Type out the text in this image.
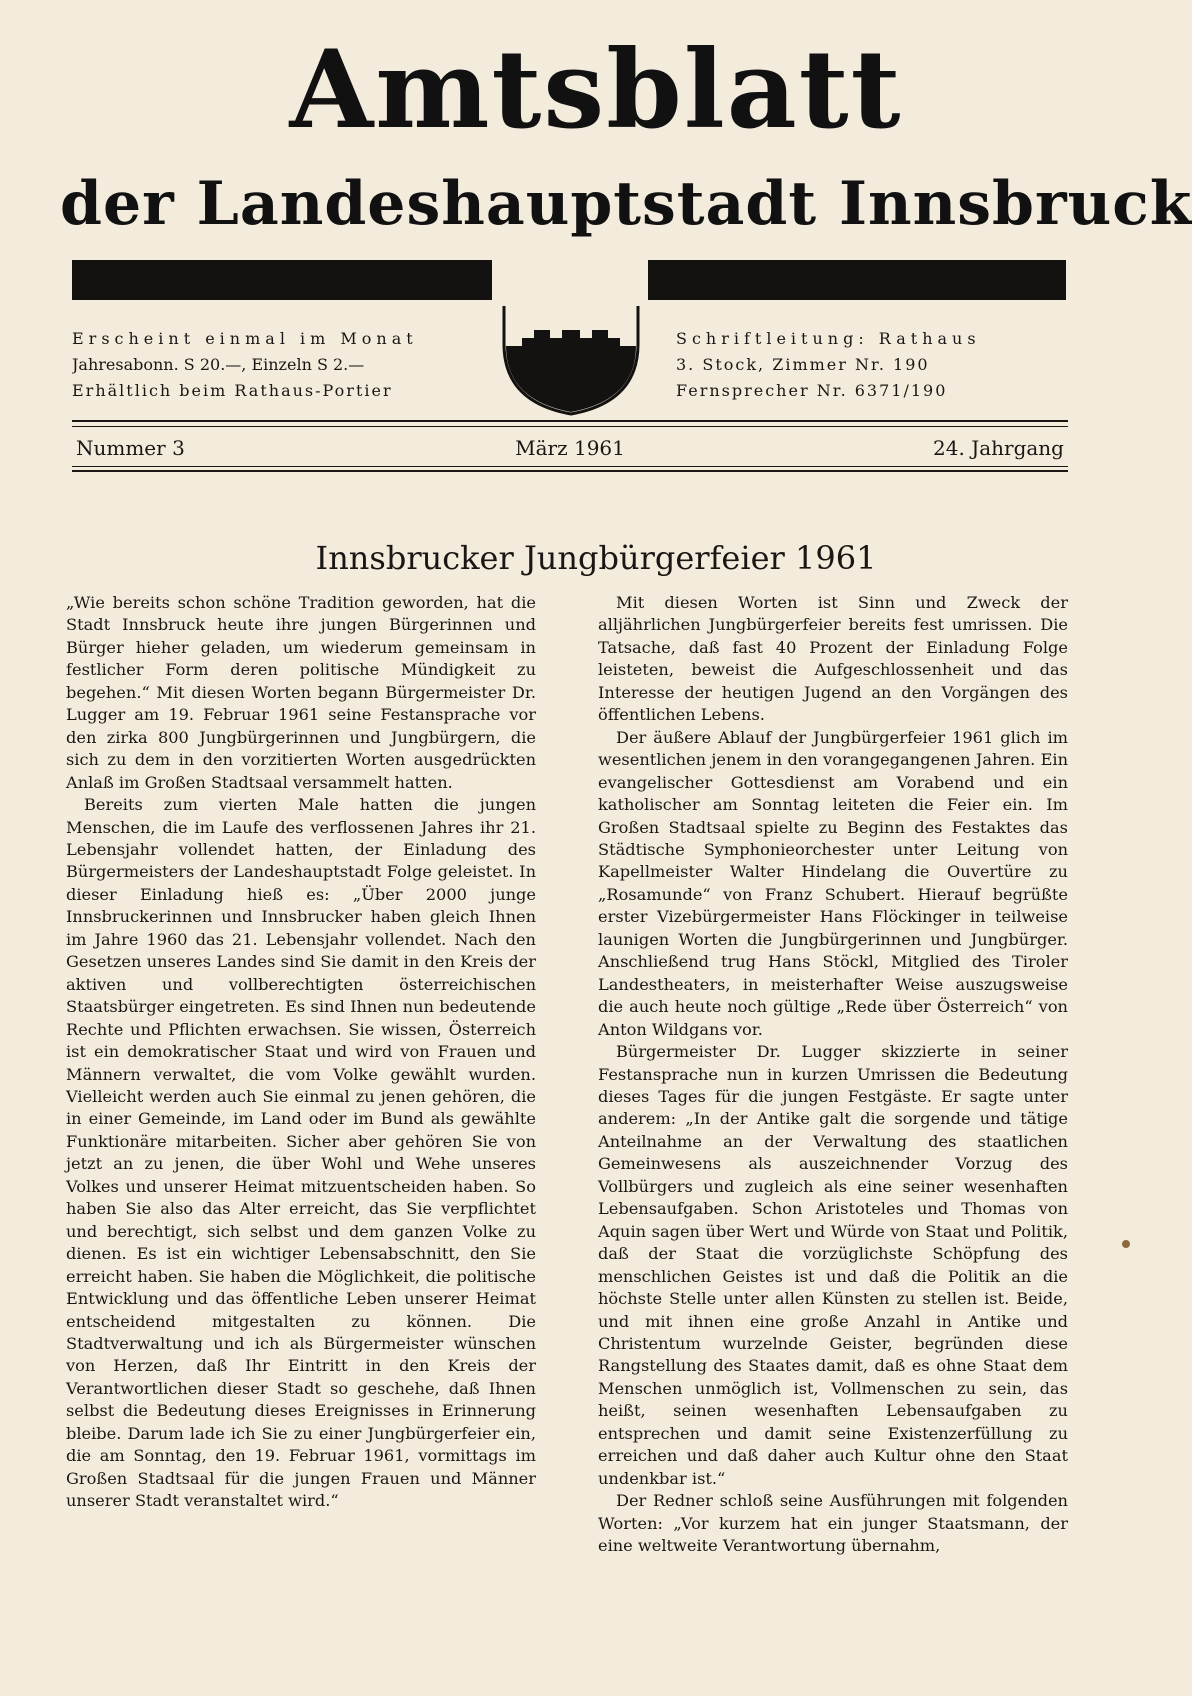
Amtsblatt
der Landeshauptstadt Innsbruck
Erscheint einmal im Monat
Jahresabonn. S 20.—, Einzeln S 2.—
Erhältlich beim Rathaus-Portier
Schriftleitung: Rathaus
3. Stock, Zimmer Nr. 190
Fernsprecher Nr. 6371/190
Nummer 3	März 1961	24. Jahrgang
Innsbrucker Jungbürgerfeier 1961

„Wie bereits schon schöne Tradition geworden, hat die Stadt Innsbruck heute ihre jungen Bürgerinnen und Bürger hieher geladen, um wiederum gemeinsam in festlicher Form deren politische Mündigkeit zu begehen.“ Mit diesen Worten begann Bürgermeister Dr. Lugger am 19. Februar 1961 seine Festansprache vor den zirka 800 Jungbürgerinnen und Jungbürgern, die sich zu dem in den vorzitierten Worten ausgedrückten Anlaß im Großen Stadtsaal versammelt hatten.

Bereits zum vierten Male hatten die jungen Menschen, die im Laufe des verflossenen Jahres ihr 21. Lebensjahr vollendet hatten, der Einladung des Bürgermeisters der Landeshauptstadt Folge geleistet. In dieser Einladung hieß es: „Über 2000 junge Innsbruckerinnen und Innsbrucker haben gleich Ihnen im Jahre 1960 das 21. Lebensjahr vollendet. Nach den Gesetzen unseres Landes sind Sie damit in den Kreis der aktiven und vollberechtigten österreichischen Staatsbürger eingetreten. Es sind Ihnen nun bedeutende Rechte und Pflichten erwachsen. Sie wissen, Österreich ist ein demokratischer Staat und wird von Frauen und Männern verwaltet, die vom Volke gewählt wurden. Vielleicht werden auch Sie einmal zu jenen gehören, die in einer Gemeinde, im Land oder im Bund als gewählte Funktionäre mitarbeiten. Sicher aber gehören Sie von jetzt an zu jenen, die über Wohl und Wehe unseres Volkes und unserer Heimat mitzuentscheiden haben. So haben Sie also das Alter erreicht, das Sie verpflichtet und berechtigt, sich selbst und dem ganzen Volke zu dienen. Es ist ein wichtiger Lebensabschnitt, den Sie erreicht haben. Sie haben die Möglichkeit, die politische Entwicklung und das öffentliche Leben unserer Heimat entscheidend mitgestalten zu können. Die Stadtverwaltung und ich als Bürgermeister wünschen von Herzen, daß Ihr Eintritt in den Kreis der Verantwortlichen dieser Stadt so geschehe, daß Ihnen selbst die Bedeutung dieses Ereignisses in Erinnerung bleibe. Darum lade ich Sie zu einer Jungbürgerfeier ein, die am Sonntag, den 19. Februar 1961, vormittags im Großen Stadtsaal für die jungen Frauen und Männer unserer Stadt veranstaltet wird.“

Mit diesen Worten ist Sinn und Zweck der alljährlichen Jungbürgerfeier bereits fest umrissen. Die Tatsache, daß fast 40 Prozent der Einladung Folge leisteten, beweist die Aufgeschlossenheit und das Interesse der heutigen Jugend an den Vorgängen des öffentlichen Lebens.

Der äußere Ablauf der Jungbürgerfeier 1961 glich im wesentlichen jenem in den vorangegangenen Jahren. Ein evangelischer Gottesdienst am Vorabend und ein katholischer am Sonntag leiteten die Feier ein. Im Großen Stadtsaal spielte zu Beginn des Festaktes das Städtische Symphonieorchester unter Leitung von Kapellmeister Walter Hindelang die Ouvertüre zu „Rosamunde“ von Franz Schubert. Hierauf begrüßte erster Vizebürgermeister Hans Flöckinger in teilweise launigen Worten die Jungbürgerinnen und Jungbürger. Anschließend trug Hans Stöckl, Mitglied des Tiroler Landestheaters, in meisterhafter Weise auszugsweise die auch heute noch gültige „Rede über Österreich“ von Anton Wildgans vor.

Bürgermeister Dr. Lugger skizzierte in seiner Festansprache nun in kurzen Umrissen die Bedeutung dieses Tages für die jungen Festgäste. Er sagte unter anderem: „In der Antike galt die sorgende und tätige Anteilnahme an der Verwaltung des staatlichen Gemeinwesens als auszeichnender Vorzug des Vollbürgers und zugleich als eine seiner wesenhaften Lebensaufgaben. Schon Aristoteles und Thomas von Aquin sagen über Wert und Würde von Staat und Politik, daß der Staat die vorzüglichste Schöpfung des menschlichen Geistes ist und daß die Politik an die höchste Stelle unter allen Künsten zu stellen ist. Beide, und mit ihnen eine große Anzahl in Antike und Christentum wurzelnde Geister, begründen diese Rangstellung des Staates damit, daß es ohne Staat dem Menschen unmöglich ist, Vollmenschen zu sein, das heißt, seinen wesenhaften Lebensaufgaben zu entsprechen und damit seine Existenzerfüllung zu erreichen und daß daher auch Kultur ohne den Staat undenkbar ist.“

Der Redner schloß seine Ausführungen mit folgenden Worten: „Vor kurzem hat ein junger Staatsmann, der eine weltweite Verantwortung übernahm,
